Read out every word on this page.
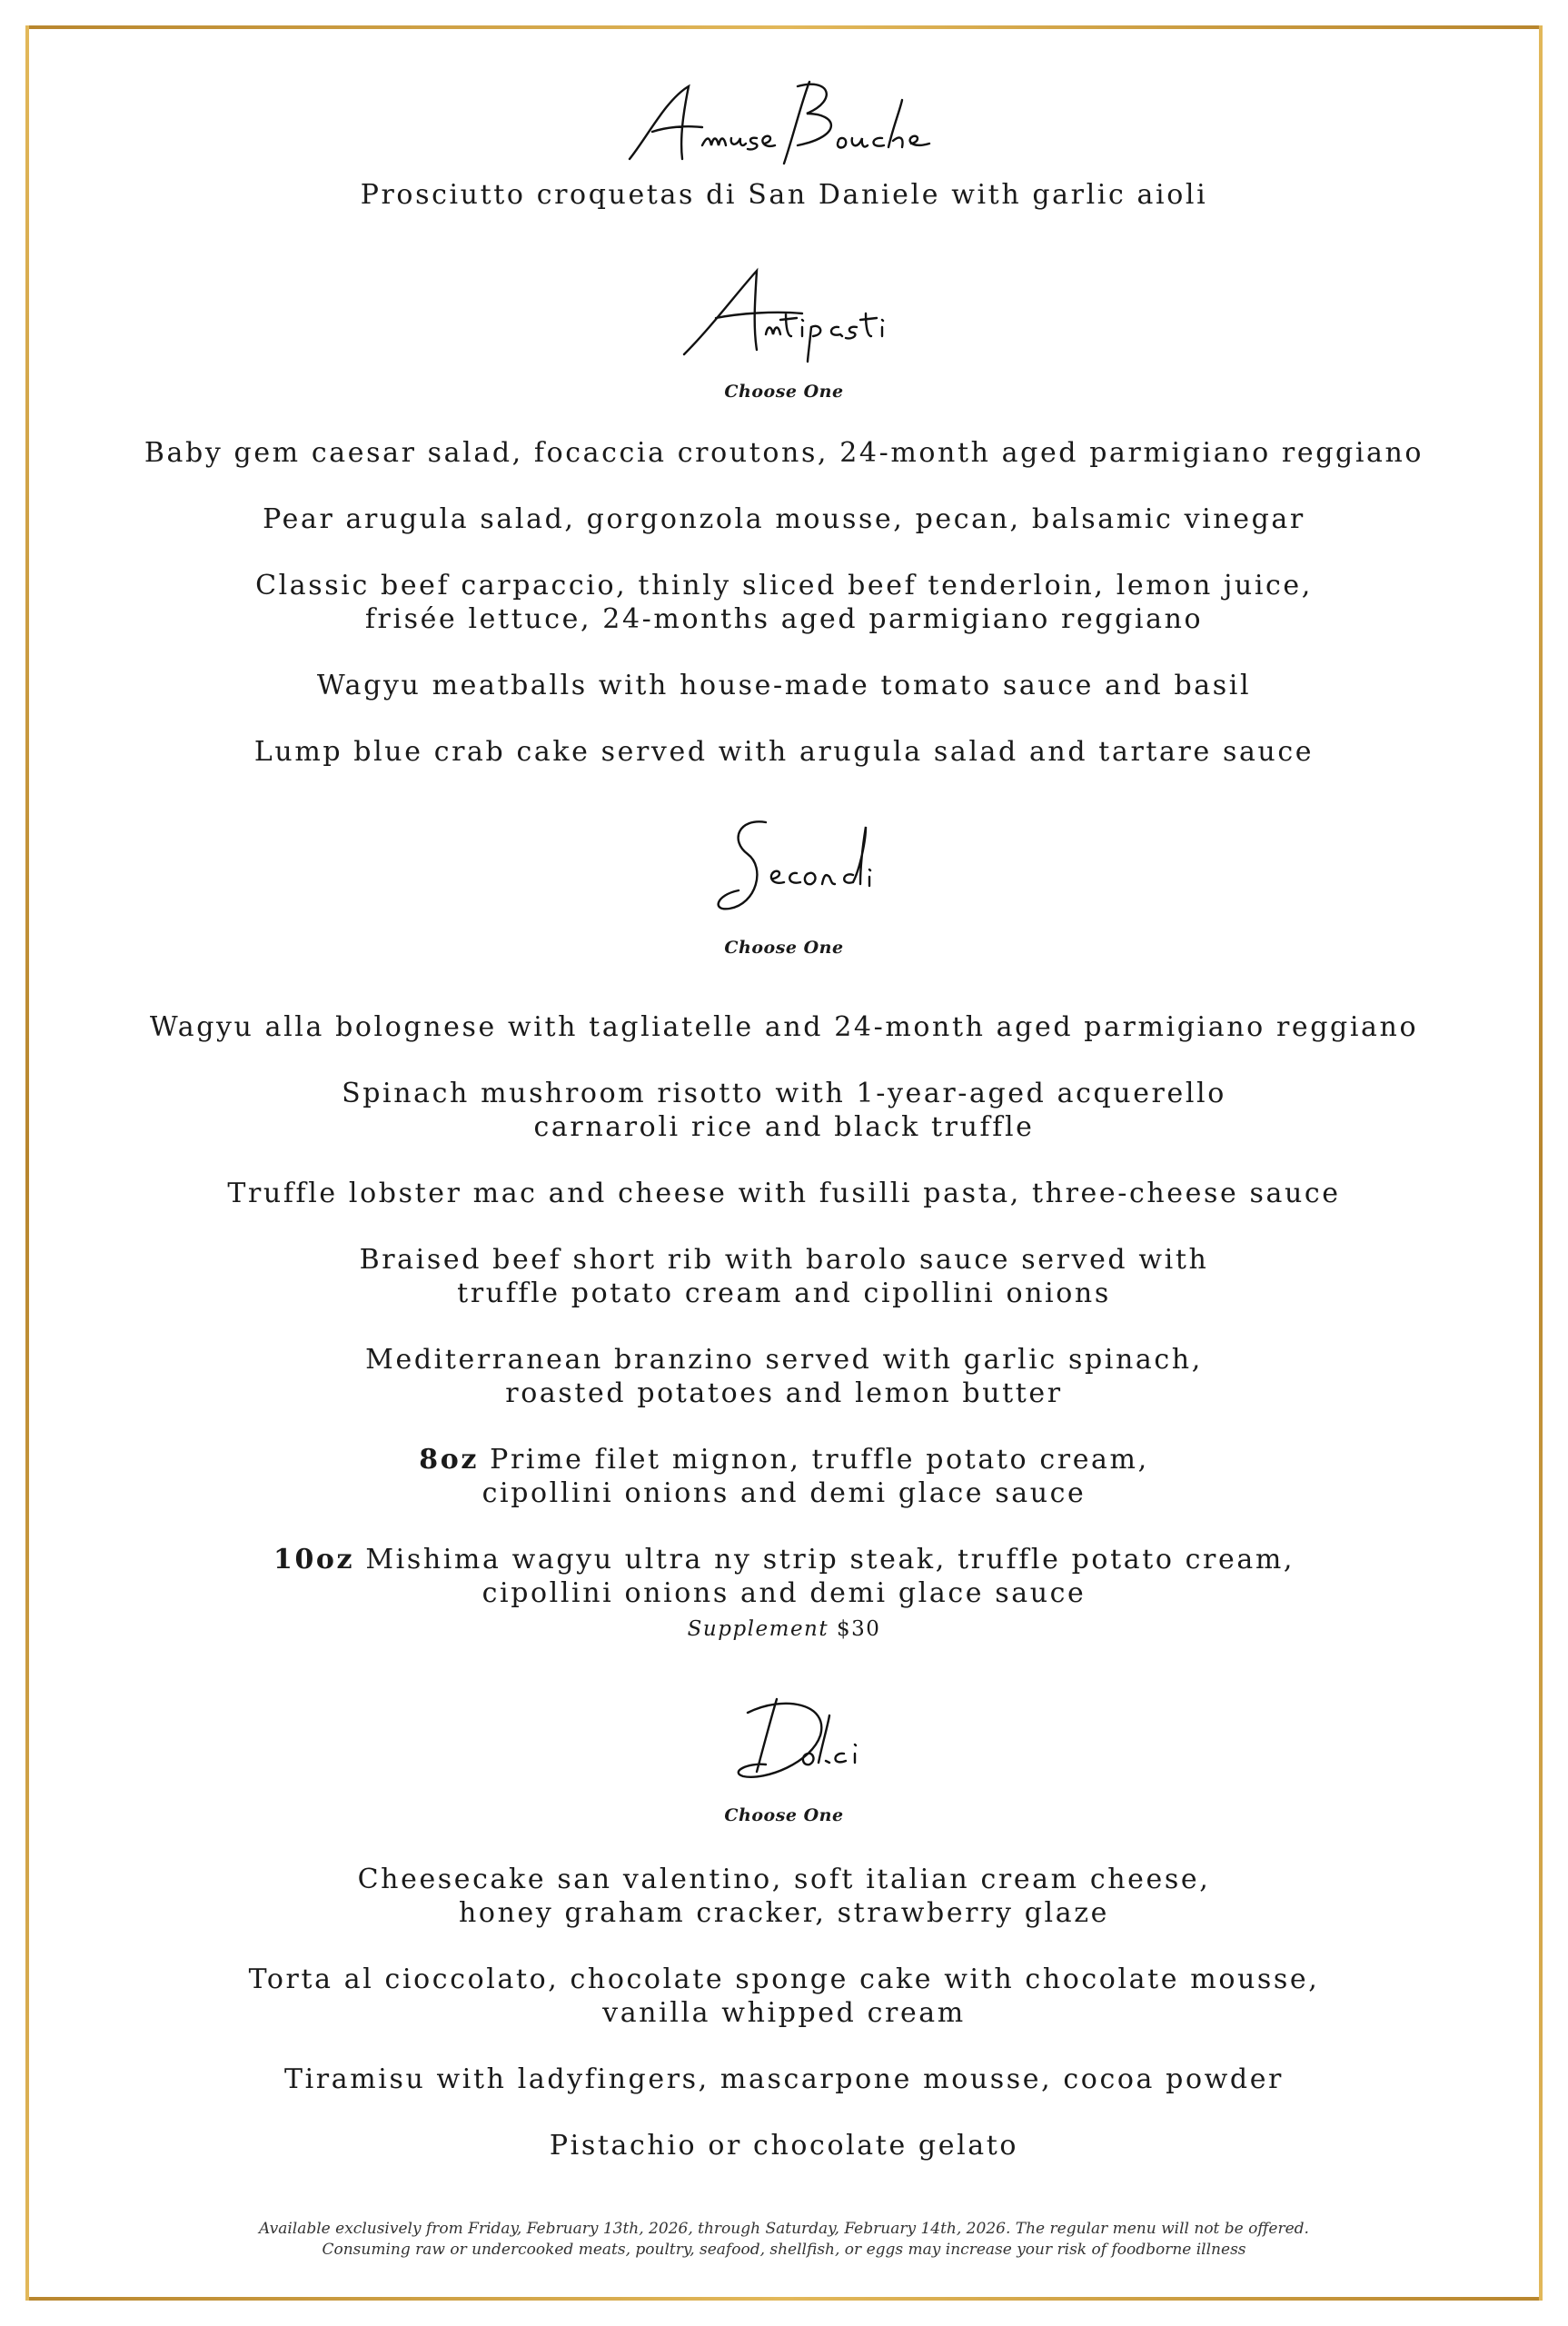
Prosciutto croquetas di San Daniele with garlic aioli
Choose One
Baby gem caesar salad, focaccia croutons, 24-month aged parmigiano reggiano
Pear arugula salad, gorgonzola mousse, pecan, balsamic vinegar
Classic beef carpaccio, thinly sliced beef tenderloin, lemon juice,
frisée lettuce, 24-months aged parmigiano reggiano
Wagyu meatballs with house-made tomato sauce and basil
Lump blue crab cake served with arugula salad and tartare sauce
Choose One
Wagyu alla bolognese with tagliatelle and 24-month aged parmigiano reggiano
Spinach mushroom risotto with 1-year-aged acquerello
carnaroli rice and black truffle
Truffle lobster mac and cheese with fusilli pasta, three-cheese sauce
Braised beef short rib with barolo sauce served with
truffle potato cream and cipollini onions
Mediterranean branzino served with garlic spinach,
roasted potatoes and lemon butter
8oz Prime filet mignon, truffle potato cream,
cipollini onions and demi glace sauce
10oz Mishima wagyu ultra ny strip steak, truffle potato cream,
cipollini onions and demi glace sauce
Supplement $30
Choose One
Cheesecake san valentino, soft italian cream cheese,
honey graham cracker, strawberry glaze
Torta al cioccolato, chocolate sponge cake with chocolate mousse,
vanilla whipped cream
Tiramisu with ladyfingers, mascarpone mousse, cocoa powder
Pistachio or chocolate gelato
Available exclusively from Friday, February 13th, 2026, through Saturday, February 14th, 2026. The regular menu will not be offered.
Consuming raw or undercooked meats, poultry, seafood, shellfish, or eggs may increase your risk of foodborne illness
